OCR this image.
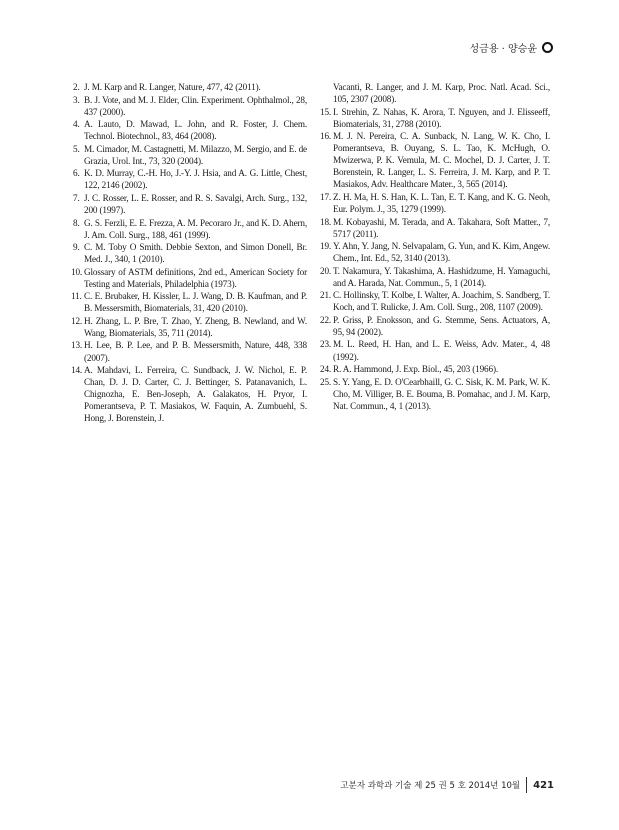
성금용 · 양승윤
2. J. M. Karp and R. Langer, Nature, 477, 42 (2011).
3. B. J. Vote, and M. J. Elder, Clin. Experiment. Ophthalmol., 28, 437 (2000).
4. A. Lauto, D. Mawad, L. John, and R. Foster, J. Chem. Technol. Biotechnol., 83, 464 (2008).
5. M. Cimador, M. Castagnetti, M. Milazzo, M. Sergio, and E. de Grazia, Urol. Int., 73, 320 (2004).
6. K. D. Murray, C.-H. Ho, J.-Y. J. Hsia, and A. G. Little, Chest, 122, 2146 (2002).
7. J. C. Rosser, L. E. Rosser, and R. S. Savalgi, Arch. Surg., 132, 200 (1997).
8. G. S. Ferzli, E. E. Frezza, A. M. Pecoraro Jr., and K. D. Ahern, J. Am. Coll. Surg., 188, 461 (1999).
9. C. M. Toby O Smith. Debbie Sexton, and Simon Donell, Br. Med. J., 340, 1 (2010).
10. Glossary of ASTM definitions, 2nd ed., American Society for Testing and Materials, Philadelphia (1973).
11. C. E. Brubaker, H. Kissler, L. J. Wang, D. B. Kaufman, and P. B. Messersmith, Biomaterials, 31, 420 (2010).
12. H. Zhang, L. P. Bre, T. Zhao, Y. Zheng, B. Newland, and W. Wang, Biomaterials, 35, 711 (2014).
13. H. Lee, B. P. Lee, and P. B. Messersmith, Nature, 448, 338 (2007).
14. A. Mahdavi, L. Ferreira, C. Sundback, J. W. Nichol, E. P. Chan, D. J. D. Carter, C. J. Bettinger, S. Patanavanich, L. Chignozha, E. Ben-Joseph, A. Galakatos, H. Pryor, I. Pomerantseva, P. T. Masiakos, W. Faquin, A. Zumbuehl, S. Hong, J. Borenstein, J.
Vacanti, R. Langer, and J. M. Karp, Proc. Natl. Acad. Sci., 105, 2307 (2008).
15. I. Strehin, Z. Nahas, K. Arora, T. Nguyen, and J. Elisseeff, Biomaterials, 31, 2788 (2010).
16. M. J. N. Pereira, C. A. Sunback, N. Lang, W. K. Cho, I. Pomerantseva, B. Ouyang, S. L. Tao, K. McHugh, O. Mwizerwa, P. K. Vemula, M. C. Mochel, D. J. Carter, J. T. Borenstein, R. Langer, L. S. Ferreira, J. M. Karp, and P. T. Masiakos, Adv. Healthcare Mater., 3, 565 (2014).
17. Z. H. Ma, H. S. Han, K. L. Tan, E. T. Kang, and K. G. Neoh, Eur. Polym. J., 35, 1279 (1999).
18. M. Kobayashi, M. Terada, and A. Takahara, Soft Matter., 7, 5717 (2011).
19. Y. Ahn, Y. Jang, N. Selvapalam, G. Yun, and K. Kim, Angew. Chem., Int. Ed., 52, 3140 (2013).
20. T. Nakamura, Y. Takashima, A. Hashidzume, H. Yamaguchi, and A. Harada, Nat. Commun., 5, 1 (2014).
21. C. Hollinsky, T. Kolbe, I. Walter, A. Joachim, S. Sandberg, T. Koch, and T. Rulicke, J. Am. Coll. Surg., 208, 1107 (2009).
22. P. Griss, P. Enoksson, and G. Stemme, Sens. Actuators, A, 95, 94 (2002).
23. M. L. Reed, H. Han, and L. E. Weiss, Adv. Mater., 4, 48 (1992).
24. R. A. Hammond, J. Exp. Biol., 45, 203 (1966).
25. S. Y. Yang, E. D. O'Cearbhaill, G. C. Sisk, K. M. Park, W. K. Cho, M. Villiger, B. E. Bouma, B. Pomahac, and J. M. Karp, Nat. Commun., 4, 1 (2013).
고분자 과학과 기술 제 25 권 5 호 2014년 10월 421
